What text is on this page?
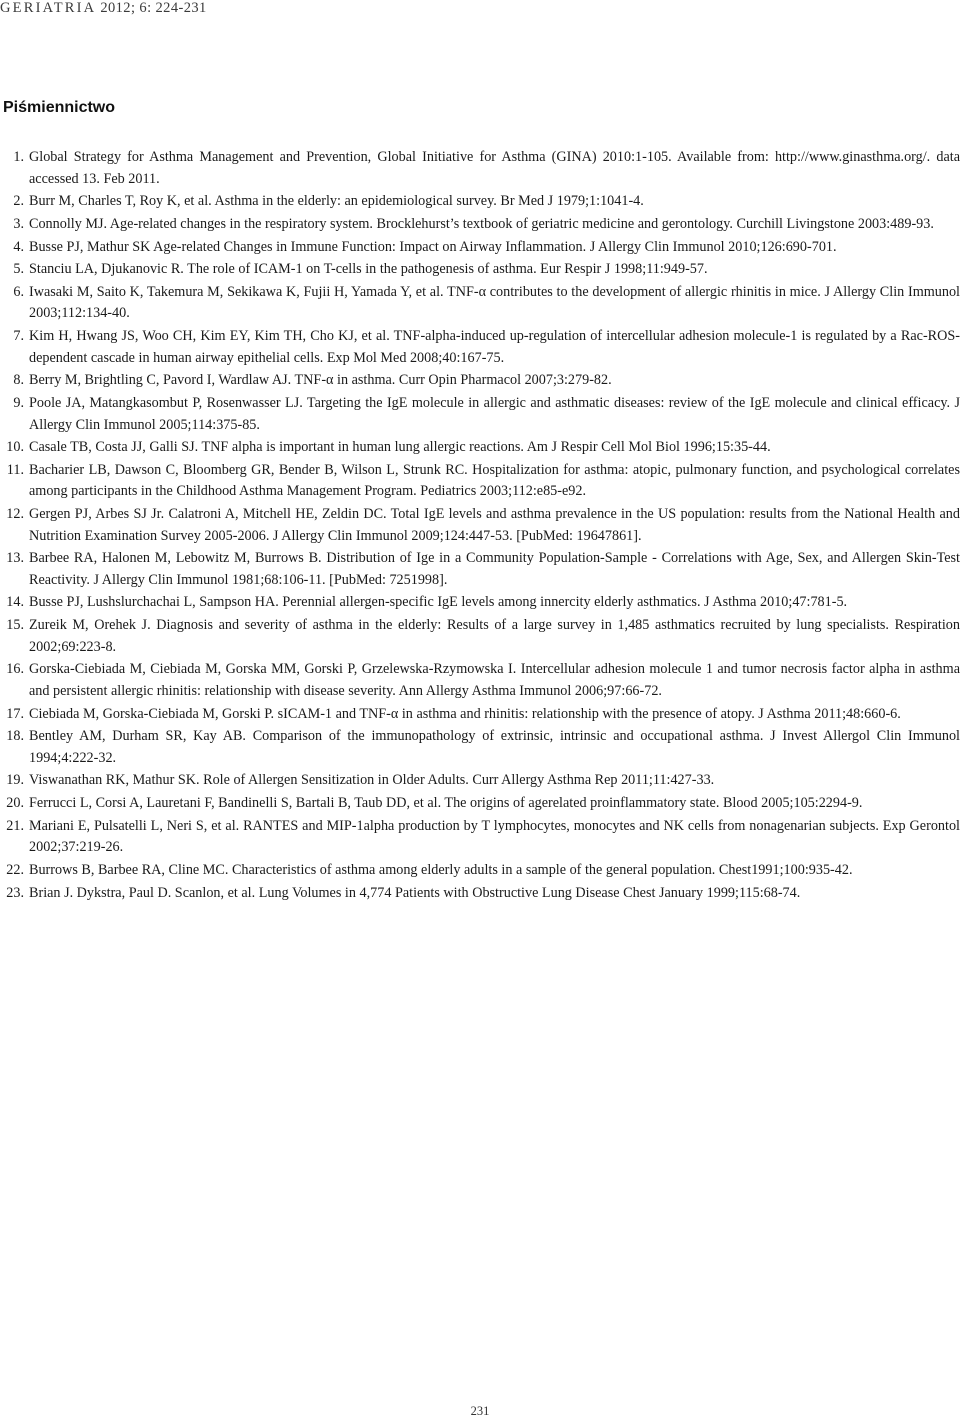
GERIATRIA 2012; 6: 224-231
Piśmiennictwo
1. Global Strategy for Asthma Management and Prevention, Global Initiative for Asthma (GINA) 2010:1-105. Available from: http://www.ginasthma.org/. data accessed 13. Feb 2011.
2. Burr M, Charles T, Roy K, et al. Asthma in the elderly: an epidemiological survey. Br Med J 1979;1:1041-4.
3. Connolly MJ. Age-related changes in the respiratory system. Brocklehurst’s textbook of geriatric medicine and gerontology. Curchill Livingstone 2003:489-93.
4. Busse PJ, Mathur SK Age-related Changes in Immune Function: Impact on Airway Inflammation. J Allergy Clin Immunol 2010;126:690-701.
5. Stanciu LA, Djukanovic R. The role of ICAM-1 on T-cells in the pathogenesis of asthma. Eur Respir J 1998;11:949-57.
6. Iwasaki M, Saito K, Takemura M, Sekikawa K, Fujii H, Yamada Y, et al. TNF-α contributes to the development of allergic rhinitis in mice. J Allergy Clin Immunol 2003;112:134-40.
7. Kim H, Hwang JS, Woo CH, Kim EY, Kim TH, Cho KJ, et al. TNF-alpha-induced up-regulation of intercellular adhesion molecule-1 is regulated by a Rac-ROS-dependent cascade in human airway epithelial cells. Exp Mol Med 2008;40:167-75.
8. Berry M, Brightling C, Pavord I, Wardlaw AJ. TNF-α in asthma. Curr Opin Pharmacol 2007;3:279-82.
9. Poole JA, Matangkasombut P, Rosenwasser LJ. Targeting the IgE molecule in allergic and asthmatic diseases: review of the IgE molecule and clinical efficacy. J Allergy Clin Immunol 2005;114:375-85.
10. Casale TB, Costa JJ, Galli SJ. TNF alpha is important in human lung allergic reactions. Am J Respir Cell Mol Biol 1996;15:35-44.
11. Bacharier LB, Dawson C, Bloomberg GR, Bender B, Wilson L, Strunk RC. Hospitalization for asthma: atopic, pulmonary function, and psychological correlates among participants in the Childhood Asthma Management Program. Pediatrics 2003;112:e85-e92.
12. Gergen PJ, Arbes SJ Jr. Calatroni A, Mitchell HE, Zeldin DC. Total IgE levels and asthma prevalence in the US population: results from the National Health and Nutrition Examination Survey 2005-2006. J Allergy Clin Immunol 2009;124:447-53. [PubMed: 19647861].
13. Barbee RA, Halonen M, Lebowitz M, Burrows B. Distribution of Ige in a Community Population-Sample - Correlations with Age, Sex, and Allergen Skin-Test Reactivity. J Allergy Clin Immunol 1981;68:106-11. [PubMed: 7251998].
14. Busse PJ, Lushslurchachai L, Sampson HA. Perennial allergen-specific IgE levels among innercity elderly asthmatics. J Asthma 2010;47:781-5.
15. Zureik M, Orehek J. Diagnosis and severity of asthma in the elderly: Results of a large survey in 1,485 asthmatics recruited by lung specialists. Respiration 2002;69:223-8.
16. Gorska-Ciebiada M, Ciebiada M, Gorska MM, Gorski P, Grzelewska-Rzymowska I. Intercellular adhesion molecule 1 and tumor necrosis factor alpha in asthma and persistent allergic rhinitis: relationship with disease severity. Ann Allergy Asthma Immunol 2006;97:66-72.
17. Ciebiada M, Gorska-Ciebiada M, Gorski P. sICAM-1 and TNF-α in asthma and rhinitis: relationship with the presence of atopy. J Asthma 2011;48:660-6.
18. Bentley AM, Durham SR, Kay AB. Comparison of the immunopathology of extrinsic, intrinsic and occupational asthma. J Invest Allergol Clin Immunol 1994;4:222-32.
19. Viswanathan RK, Mathur SK. Role of Allergen Sensitization in Older Adults. Curr Allergy Asthma Rep 2011;11:427-33.
20. Ferrucci L, Corsi A, Lauretani F, Bandinelli S, Bartali B, Taub DD, et al. The origins of agerelated proinflammatory state. Blood 2005;105:2294-9.
21. Mariani E, Pulsatelli L, Neri S, et al. RANTES and MIP-1alpha production by T lymphocytes, monocytes and NK cells from nonagenarian subjects. Exp Gerontol 2002;37:219-26.
22. Burrows B, Barbee RA, Cline MC. Characteristics of asthma among elderly adults in a sample of the general population. Chest1991;100:935-42.
23. Brian J. Dykstra, Paul D. Scanlon, et al. Lung Volumes in 4,774 Patients with Obstructive Lung Disease Chest January 1999;115:68-74.
231
